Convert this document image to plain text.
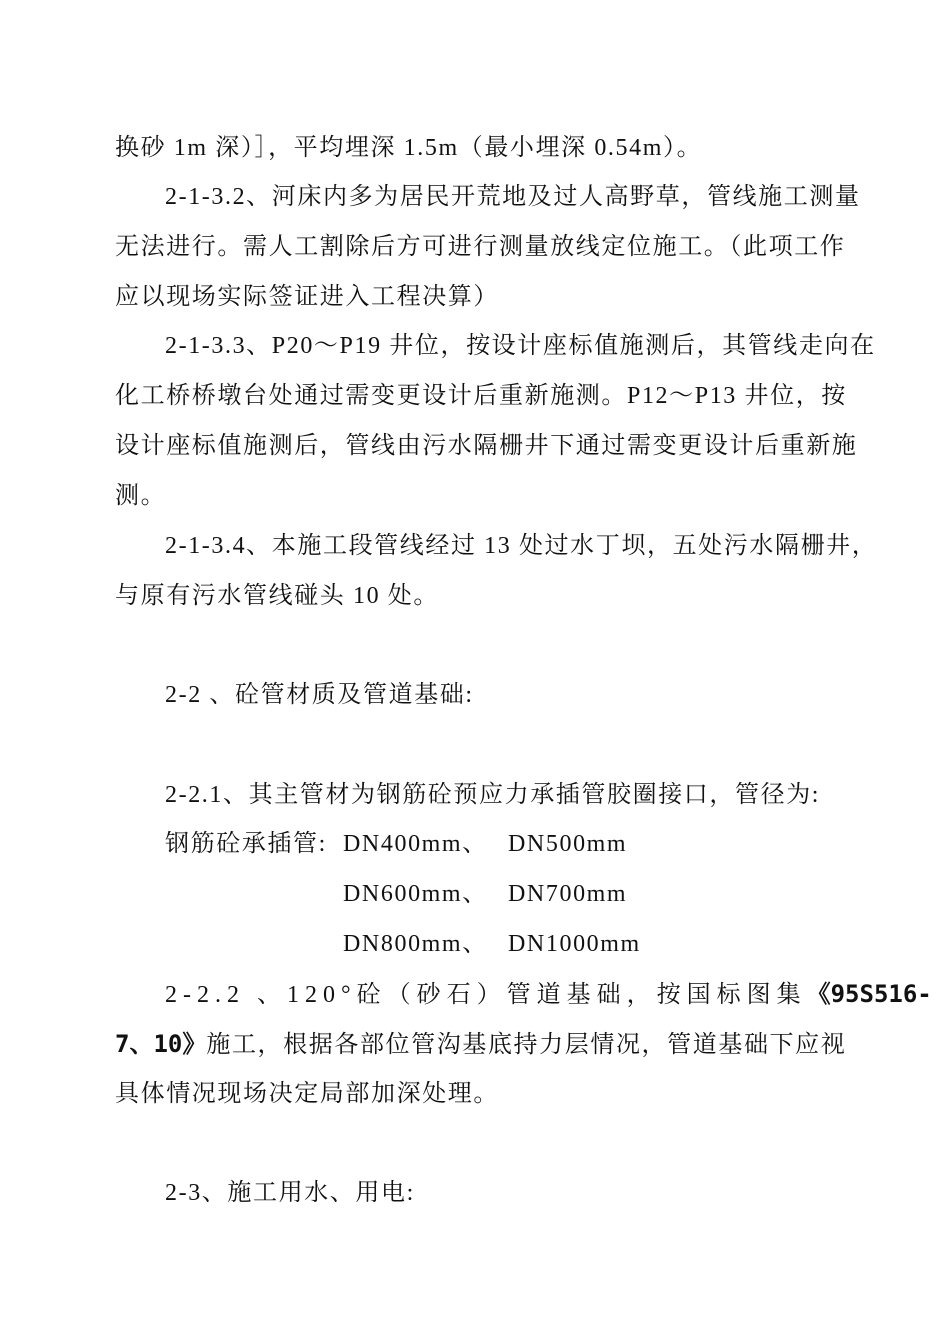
换砂 1m 深）］，平均埋深 1.5m（最小埋深 0.54m）。
2-1-3.2、河床内多为居民开荒地及过人高野草，管线施工测量
无法进行。需人工割除后方可进行测量放线定位施工。（此项工作
应以现场实际签证进入工程决算）
2-1-3.3、P20～P19 井位，按设计座标值施测后，其管线走向在
化工桥桥墩台处通过需变更设计后重新施测。P12～P13 井位，按
设计座标值施测后，管线由污水隔栅井下通过需变更设计后重新施
测。
2-1-3.4、本施工段管线经过 13 处过水丁坝，五处污水隔栅井，
与原有污水管线碰头 10 处。
2-2 、砼管材质及管道基础:
2-2.1、其主管材为钢筋砼预应力承插管胶圈接口，管径为:
钢筋砼承插管: DN400mm、 DN500mm
DN600mm、 DN700mm
DN800mm、 DN1000mm
2-2.2 、120°砼（砂石）管道基础，按国标图集《95S516-
7、10》施工，根据各部位管沟基底持力层情况，管道基础下应视
具体情况现场决定局部加深处理。
2-3、施工用水、用电:
